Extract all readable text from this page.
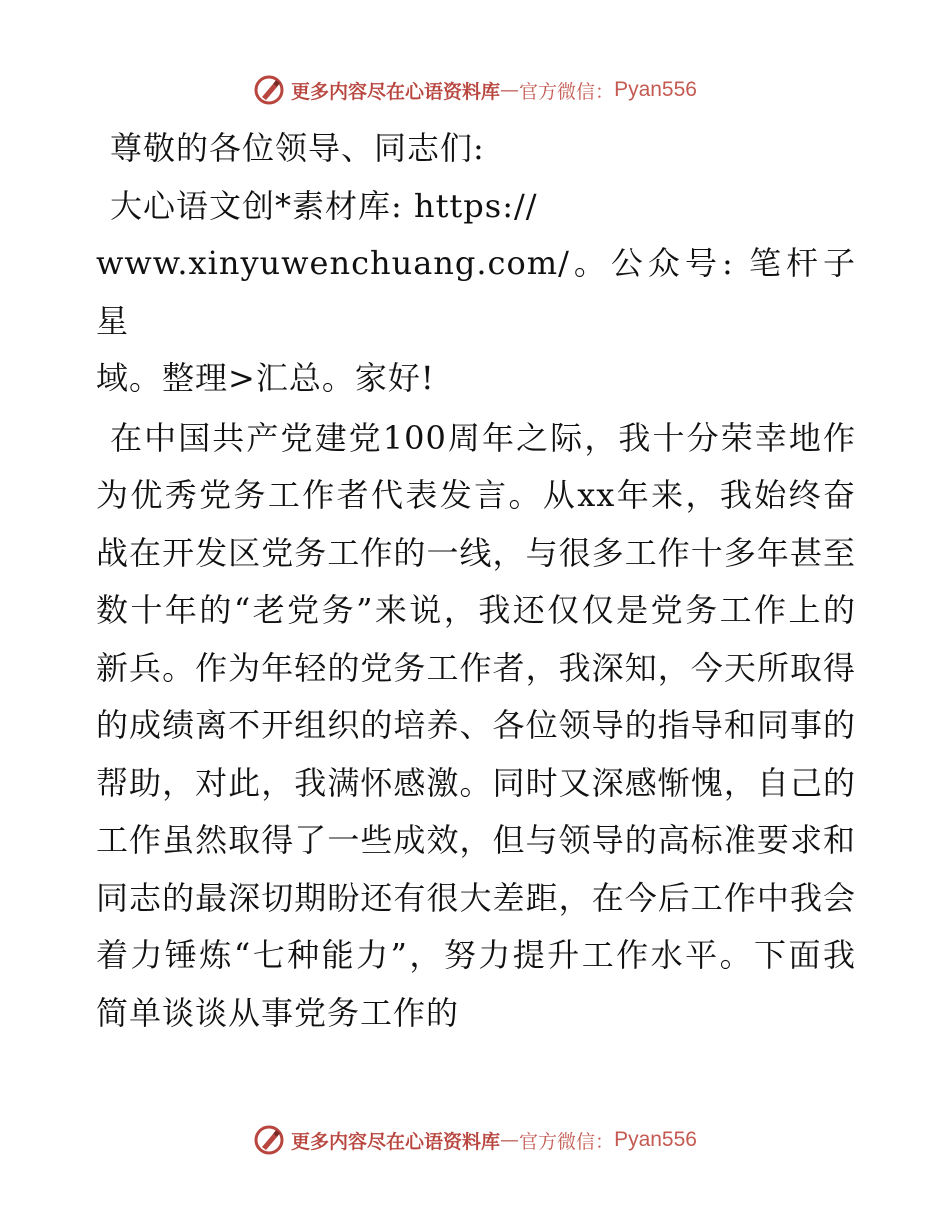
更多内容尽在心语资料库 — 官方微信： Pyan556

尊敬的各位领导、同志们:

大心语文创*素材库: https://
www.xinyuwenchuang.com/。公众号: 笔杆子星
域。整理>汇总。家好!

在中国共产党建党100周年之际，我十分荣幸地作为优秀党务工作者代表发言。从xx年来，我始终奋战在开发区党务工作的一线，与很多工作十多年甚至数十年的“老党务”来说，我还仅仅是党务工作上的新兵。作为年轻的党务工作者，我深知，今天所取得的成绩离不开组织的培养、各位领导的指导和同事的帮助，对此，我满怀感激。同时又深感惭愧，自己的工作虽然取得了一些成效，但与领导的高标准要求和同志的最深切期盼还有很大差距，在今后工作中我会着力锤炼“七种能力”，努力提升工作水平。下面我简单谈谈从事党务工作的

更多内容尽在心语资料库 — 官方微信： Pyan556
